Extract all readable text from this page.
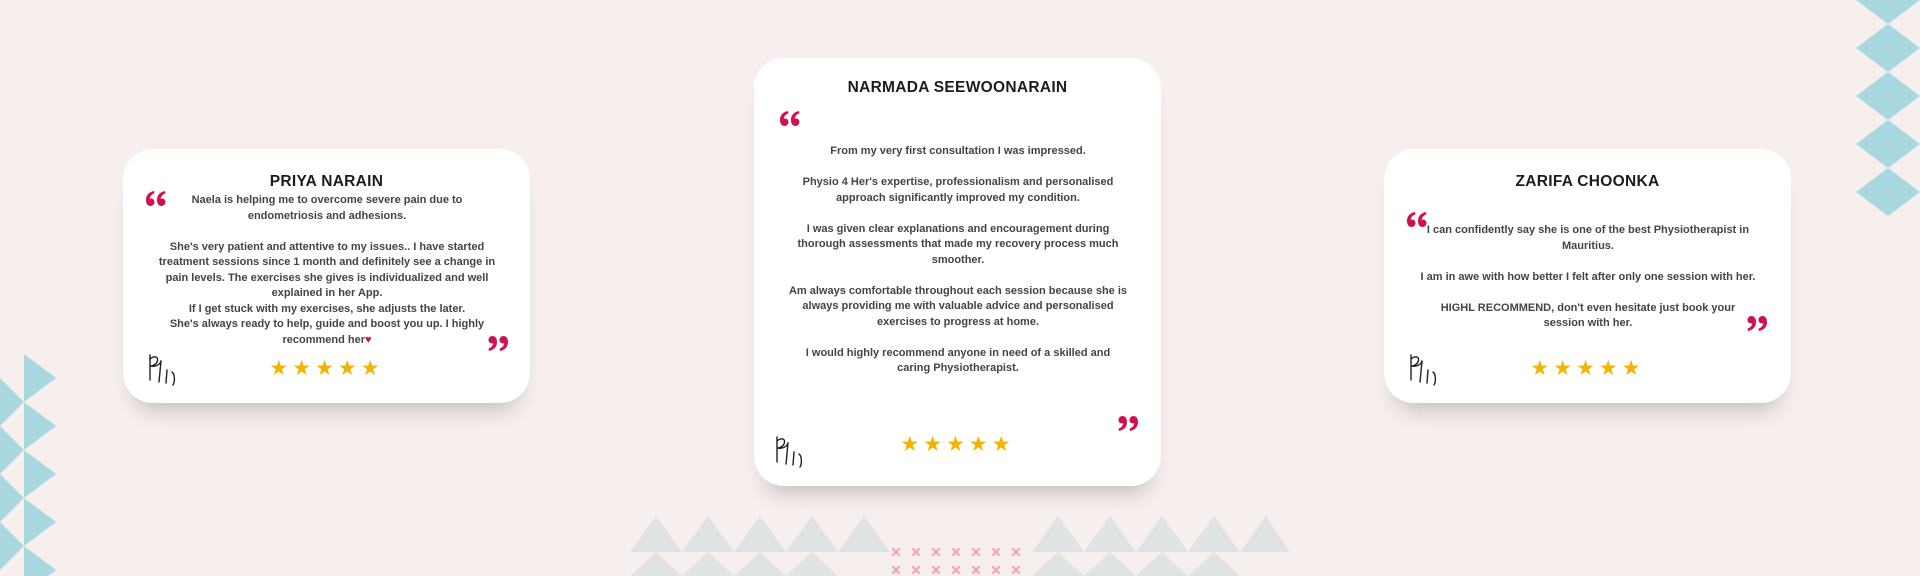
PRIYA NARAIN

Naela is helping me to overcome severe pain due to endometriosis and adhesions.

She's very patient and attentive to my issues.. I have started treatment sessions since 1 month and definitely see a change in pain levels. The exercises she gives is individualized and well explained in her App.

If I get stuck with my exercises, she adjusts the later.

She's always ready to help, guide and boost you up. I highly recommend her♥

★★★★★
NARMADA SEEWOONARAIN

From my very first consultation I was impressed.

Physio 4 Her's expertise, professionalism and personalised approach significantly improved my condition.

I was given clear explanations and encouragement during thorough assessments that made my recovery process much smoother.

Am always comfortable throughout each session because she is always providing me with valuable advice and personalised exercises to progress at home.

I would highly recommend anyone in need of a skilled and caring Physiotherapist.

★★★★★
ZARIFA CHOONKA

I can confidently say she is one of the best Physiotherapist in Mauritius.

I am in awe with how better I felt after only one session with her.

HIGHL RECOMMEND, don't even hesitate just book your session with her.

★★★★★
